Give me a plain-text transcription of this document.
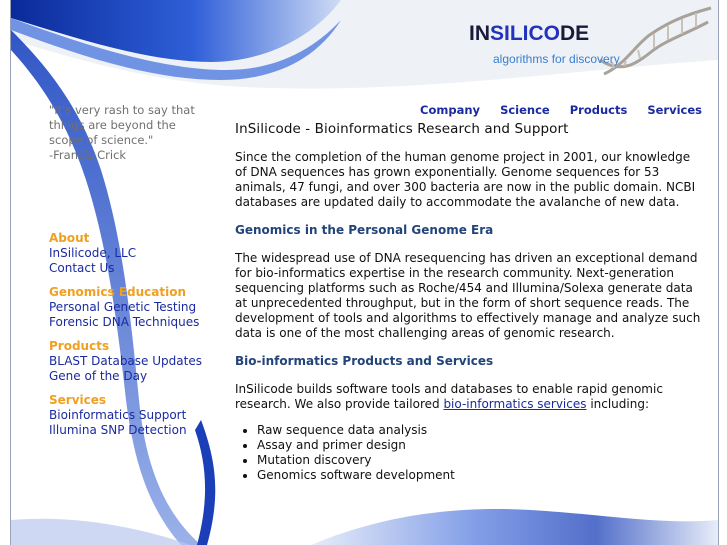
INSILICODE
algorithms for discovery
"It's very rash to say that
things are beyond the
scope of science."
-Francis Crick
Company Science Products Services
About
InSilicode, LLC
Contact Us
Genomics Education
Personal Genetic Testing
Forensic DNA Techniques
Products
BLAST Database Updates
Gene of the Day
Services
Bioinformatics Support
Illumina SNP Detection
InSilicode - Bioinformatics Research and Support

Since the completion of the human genome project in 2001, our knowledge of DNA sequences has grown exponentially. Genome sequences for 53 animals, 47 fungi, and over 300 bacteria are now in the public domain. NCBI databases are updated daily to accommodate the avalanche of new data.

Genomics in the Personal Genome Era

The widespread use of DNA resequencing has driven an exceptional demand for bio-informatics expertise in the research community. Next-generation sequencing platforms such as Roche/454 and Illumina/Solexa generate data at unprecedented throughput, but in the form of short sequence reads. The development of tools and algorithms to effectively manage and analyze such data is one of the most challenging areas of genomic research.

Bio-informatics Products and Services

InSilicode builds software tools and databases to enable rapid genomic research. We also provide tailored bio-informatics services including:

• Raw sequence data analysis
• Assay and primer design
• Mutation discovery
• Genomics software development
